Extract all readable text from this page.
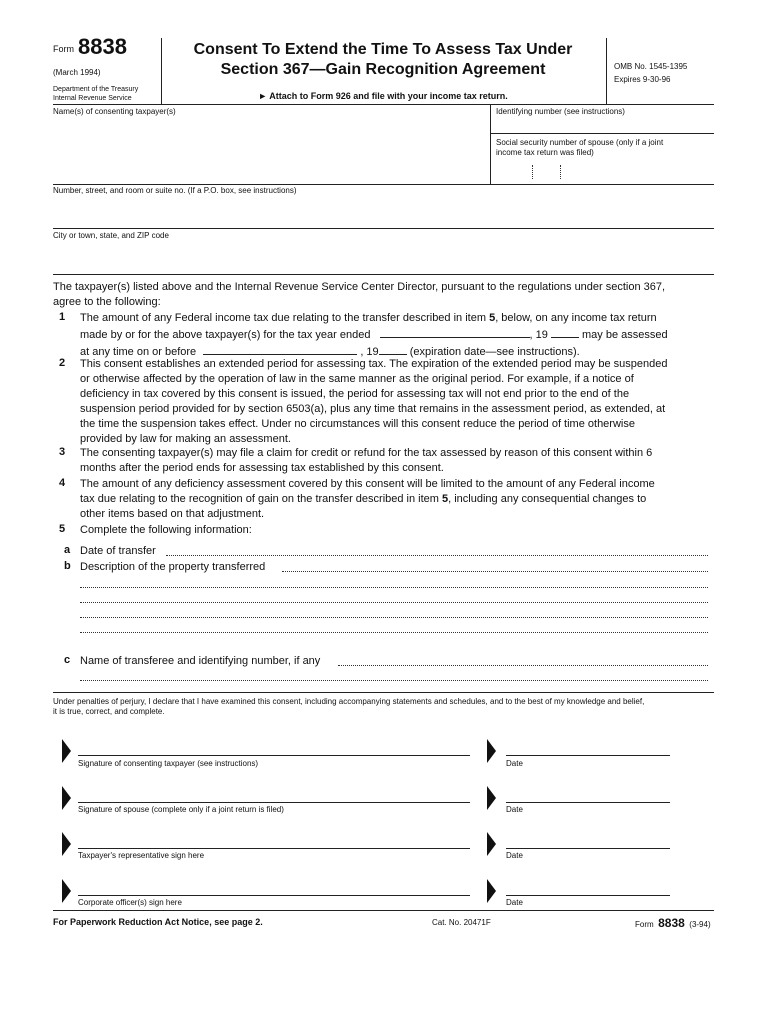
Form 8838
(March 1994)
Department of the Treasury
Internal Revenue Service
Consent To Extend the Time To Assess Tax Under
Section 367—Gain Recognition Agreement
► Attach to Form 926 and file with your income tax return.
OMB No. 1545-1395
Expires 9-30-96
Name(s) of consenting taxpayer(s)	Identifying number (see instructions)
Social security number of spouse (only if a joint
income tax return was filed)
Number, street, and room or suite no. (If a P.O. box, see instructions)
City or town, state, and ZIP code
The taxpayer(s) listed above and the Internal Revenue Service Center Director, pursuant to the regulations under section 367,
agree to the following:
1 The amount of any Federal income tax due relating to the transfer described in item 5, below, on any income tax return
made by or for the above taxpayer(s) for the tax year ended	, 19	may be assessed
at any time on or before	, 19	(expiration date—see instructions).
2 This consent establishes an extended period for assessing tax. The expiration of the extended period may be suspended
or otherwise affected by the operation of law in the same manner as the original period. For example, if a notice of
deficiency in tax covered by this consent is issued, the period for assessing tax will not end prior to the end of the
suspension period provided for by section 6503(a), plus any time that remains in the assessment period, as extended, at
the time the suspension takes effect. Under no circumstances will this consent reduce the period of time otherwise
provided by law for making an assessment.
3 The consenting taxpayer(s) may file a claim for credit or refund for the tax assessed by reason of this consent within 6
months after the period ends for assessing tax established by this consent.
4 The amount of any deficiency assessment covered by this consent will be limited to the amount of any Federal income
tax due relating to the recognition of gain on the transfer described in item 5, including any consequential changes to
other items based on that adjustment.
5 Complete the following information:
a Date of transfer
b Description of the property transferred
c Name of transferee and identifying number, if any
Under penalties of perjury, I declare that I have examined this consent, including accompanying statements and schedules, and to the best of my knowledge and belief,
it is true, correct, and complete.
Signature of consenting taxpayer (see instructions)	Date
Signature of spouse (complete only if a joint return is filed)	Date
Taxpayer's representative sign here	Date
Corporate officer(s) sign here	Date
For Paperwork Reduction Act Notice, see page 2.	Cat. No. 20471F	Form 8838 (3-94)
